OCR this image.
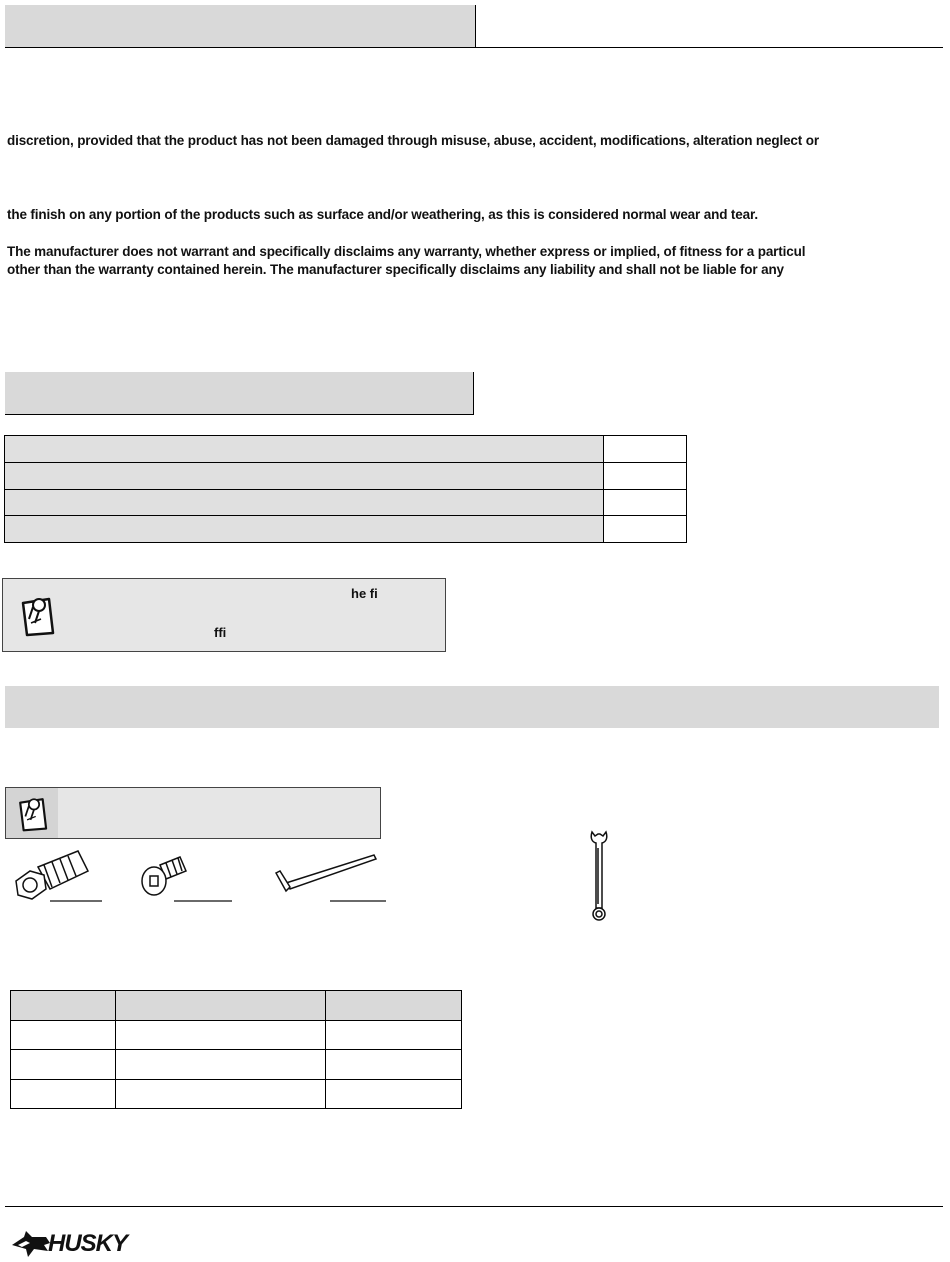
discretion, provided that the product has not been damaged through misuse, abuse, accident, modifications, alteration neglect or
the finish on any portion of the products such as surface and/or weathering, as this is considered normal wear and tear.
The manufacturer does not warrant and specifically disclaims any warranty, whether express or implied, of fitness for a particul
other than the warranty contained herein. The manufacturer specifically disclaims any liability and shall not be liable for any

he fi
ffi

HUSKY
